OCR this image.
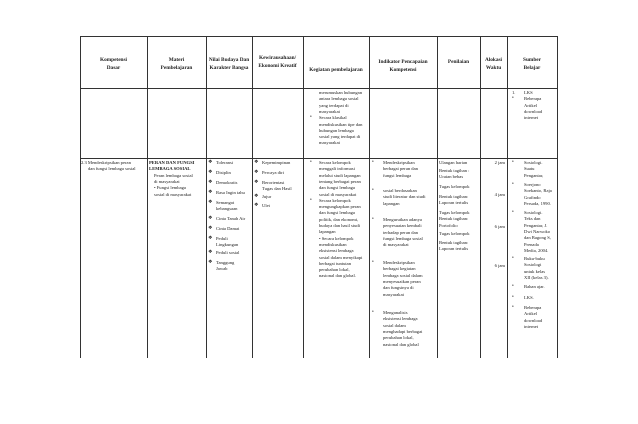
Kompetensi
Dasar
Materi
Pembelajaran
Nilai Budaya Dan
Karakter Bangsa
Kewirausahaan/
Ekonomi Kreatif
Kegiatan pembelajaran
Indikator Pencapaian
Kompetensi
Penilaian	Alokasi
Waktu
Sumber
Belajar
merumuskan hubungan
antara lembaga sosial
yang terdapat di
masyarakat
• Secara klasikal
mendiskusikan tipe dan
hubungan lembaga
sosial yang terdapat di
masyarakat
1. LKS
• Beberapa
Artikel
download
internet
2.3 Mendeskripsikan peran
dan fungsi lembaga sosial
PERAN DAN FUNGSI
LEMBAGA SOSIAL
Peran lembaga sosial
di masyarakat
• Fungsi lembaga
sosial di masyarakat
❖ Toleransi
❖ Disiplin
❖ Demokratis
❖ Rasa Ingin tahu
❖ Semangat
kebangsaan
❖ Cinta Tanah Air
❖ Cinta Damai
❖ Peduli
Lingkungan
❖ Peduli sosial
❖ Tanggung
Jawab
❖ Kepemimpinan
❖ Percaya diri
❖ Berorientasi
Tugas dan Hasil
❖ Jujur
❖ Ulet
• Secara kelompok
menggali informasi
melalui studi lapangan
tentang berbagai peran
dan fungsi lembaga
sosial di masyarakat
• Secara kelompok
mengungkapkan peran
dan fungsi lembaga
politik, dan ekonomi,
budaya dan hasil studi
lapangan
• Secara kelompok
mendiskusikan
eksistensi lembaga
sosial dalam menyikapi
berbagai tuntutan
perubahan lokal,
nasional dan global.
• Mendeskripsikan
berbagai peran dan
fungsi lembaga
• sosial berdasarkan
studi literatur dan studi
lapangan
• Mengurutkan adanya
penyesuaian kembali
terhadap peran dan
fungsi lembaga sosial
di masyarakat
• Mendeskripsikan
berbagai kegiatan
lembaga sosial dalam
menyesuaikan peran
dan fungsinya di
masyarakat
• Menganalisis
eksistensi lembaga
sosial dalam
menghadapi berbagai
perubahan lokal,
nasional dan global
Ulangan harian
Bentuk tagihan :
Uraian bebas
Tugas kelompok
Bentuk tagihan:
Laporan tertulis
Tugas kelompok
Bentuk tagihan:
Portofolio
Tugas kelompok
Bentuk tagihan:
Laporan tertulis
2 jam
4 jam
6 jam
6 jam
• Sosiologi.
Suatu
Pengantar,
• Soerjono
Soekanto, Raja
Grafindo
Persada, 1990.
• Sosiologi.
Teks dan
Pengantar, J.
Dwi Narwoko
dan Bagong S,
Prenada
Media, 2004.
• Buku-buku
Sosiologi
untuk kelas
XII (kelas 3).
• Bahan ajar.
• LKS.
• Beberapa
Artikel
download
internet
